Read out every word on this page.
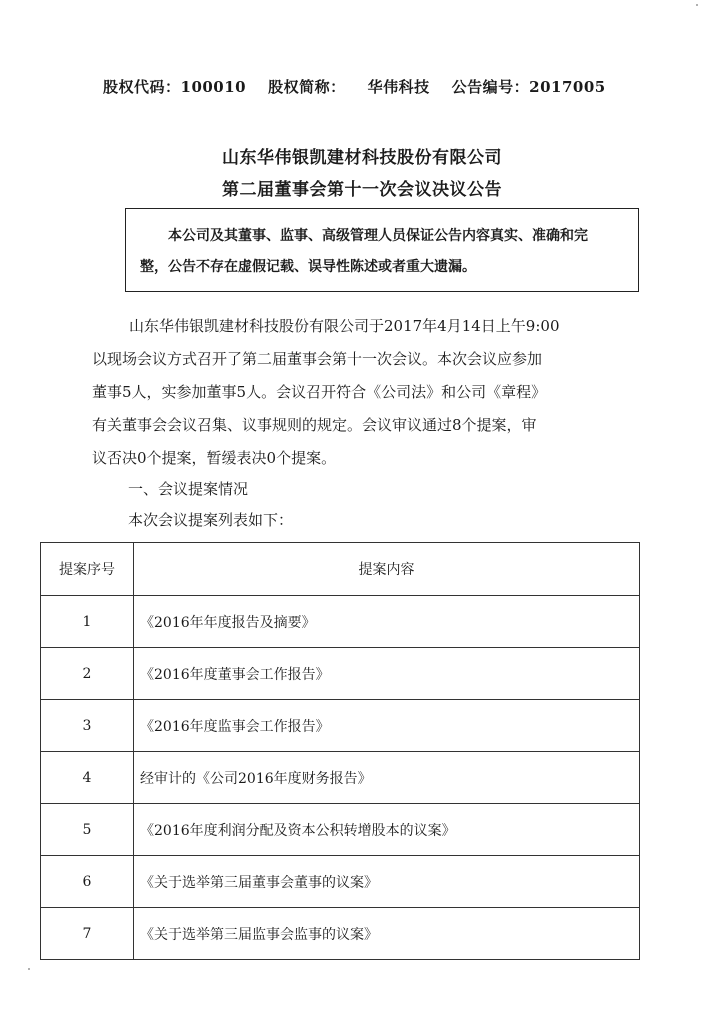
股权代码：100010 股权简称： 华伟科技 公告编号：2017005
山东华伟银凯建材科技股份有限公司
第二届董事会第十一次会议决议公告
本公司及其董事、监事、高级管理人员保证公告内容真实、准确和完
整，公告不存在虚假记载、误导性陈述或者重大遗漏。
山东华伟银凯建材科技股份有限公司于2017年4月14日上午9:00
以现场会议方式召开了第二届董事会第十一次会议。本次会议应参加
董事5人，实参加董事5人。会议召开符合《公司法》和公司《章程》
有关董事会会议召集、议事规则的规定。会议审议通过8个提案，审
议否决0个提案，暂缓表决0个提案。
一、会议提案情况
本次会议提案列表如下：
提案序号	提案内容
1	《2016年年度报告及摘要》
2	《2016年度董事会工作报告》
3	《2016年度监事会工作报告》
4	经审计的《公司2016年度财务报告》
5	《2016年度利润分配及资本公积转增股本的议案》
6	《关于选举第三届董事会董事的议案》
7	《关于选举第三届监事会监事的议案》
